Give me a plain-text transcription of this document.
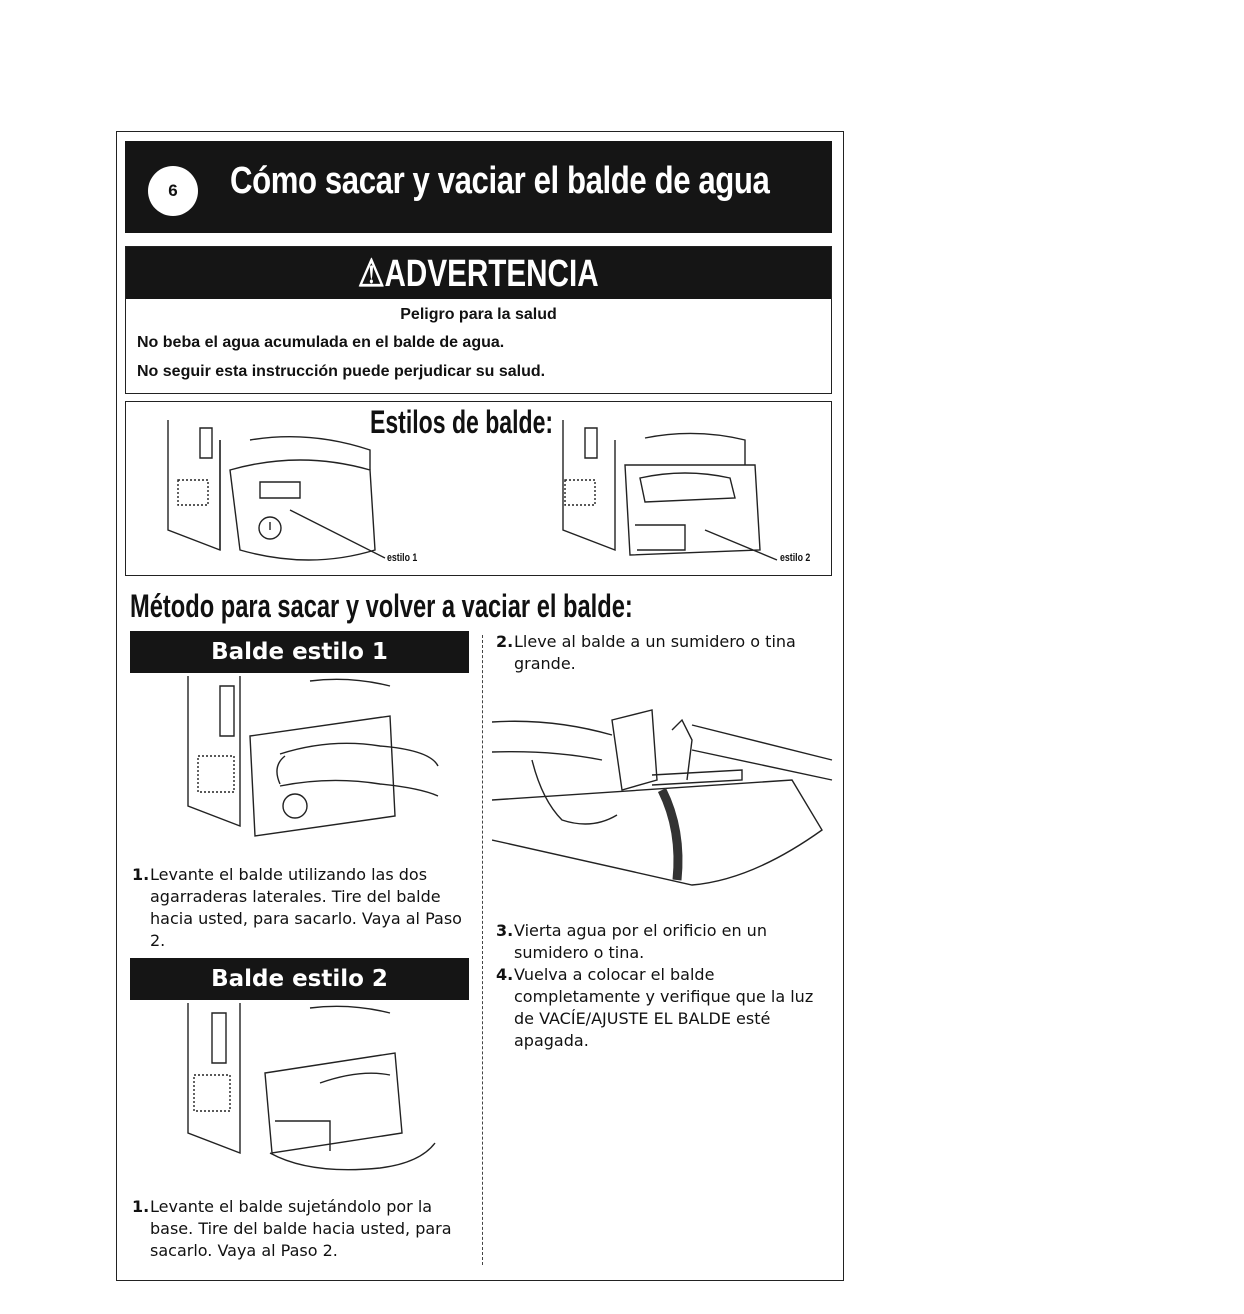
6	Cómo sacar y vaciar el balde de agua
⚠ADVERTENCIA
Peligro para la salud
No beba el agua acumulada en el balde de agua.
No seguir esta instrucción puede perjudicar su salud.
Estilos de balde:
estilo 1	estilo 2
Método para sacar y volver a vaciar el balde:
Balde estilo 1
1. Levante el balde utilizando las dos agarraderas laterales. Tire del balde hacia usted, para sacarlo. Vaya al Paso 2.
Balde estilo 2
1. Levante el balde sujetándolo por la base. Tire del balde hacia usted, para sacarlo. Vaya al Paso 2.
2. Lleve al balde a un sumidero o tina grande.
3. Vierta agua por el orificio en un sumidero o tina.
4. Vuelva a colocar el balde completamente y verifique que la luz de VACÍE/AJUSTE EL BALDE esté apagada.
